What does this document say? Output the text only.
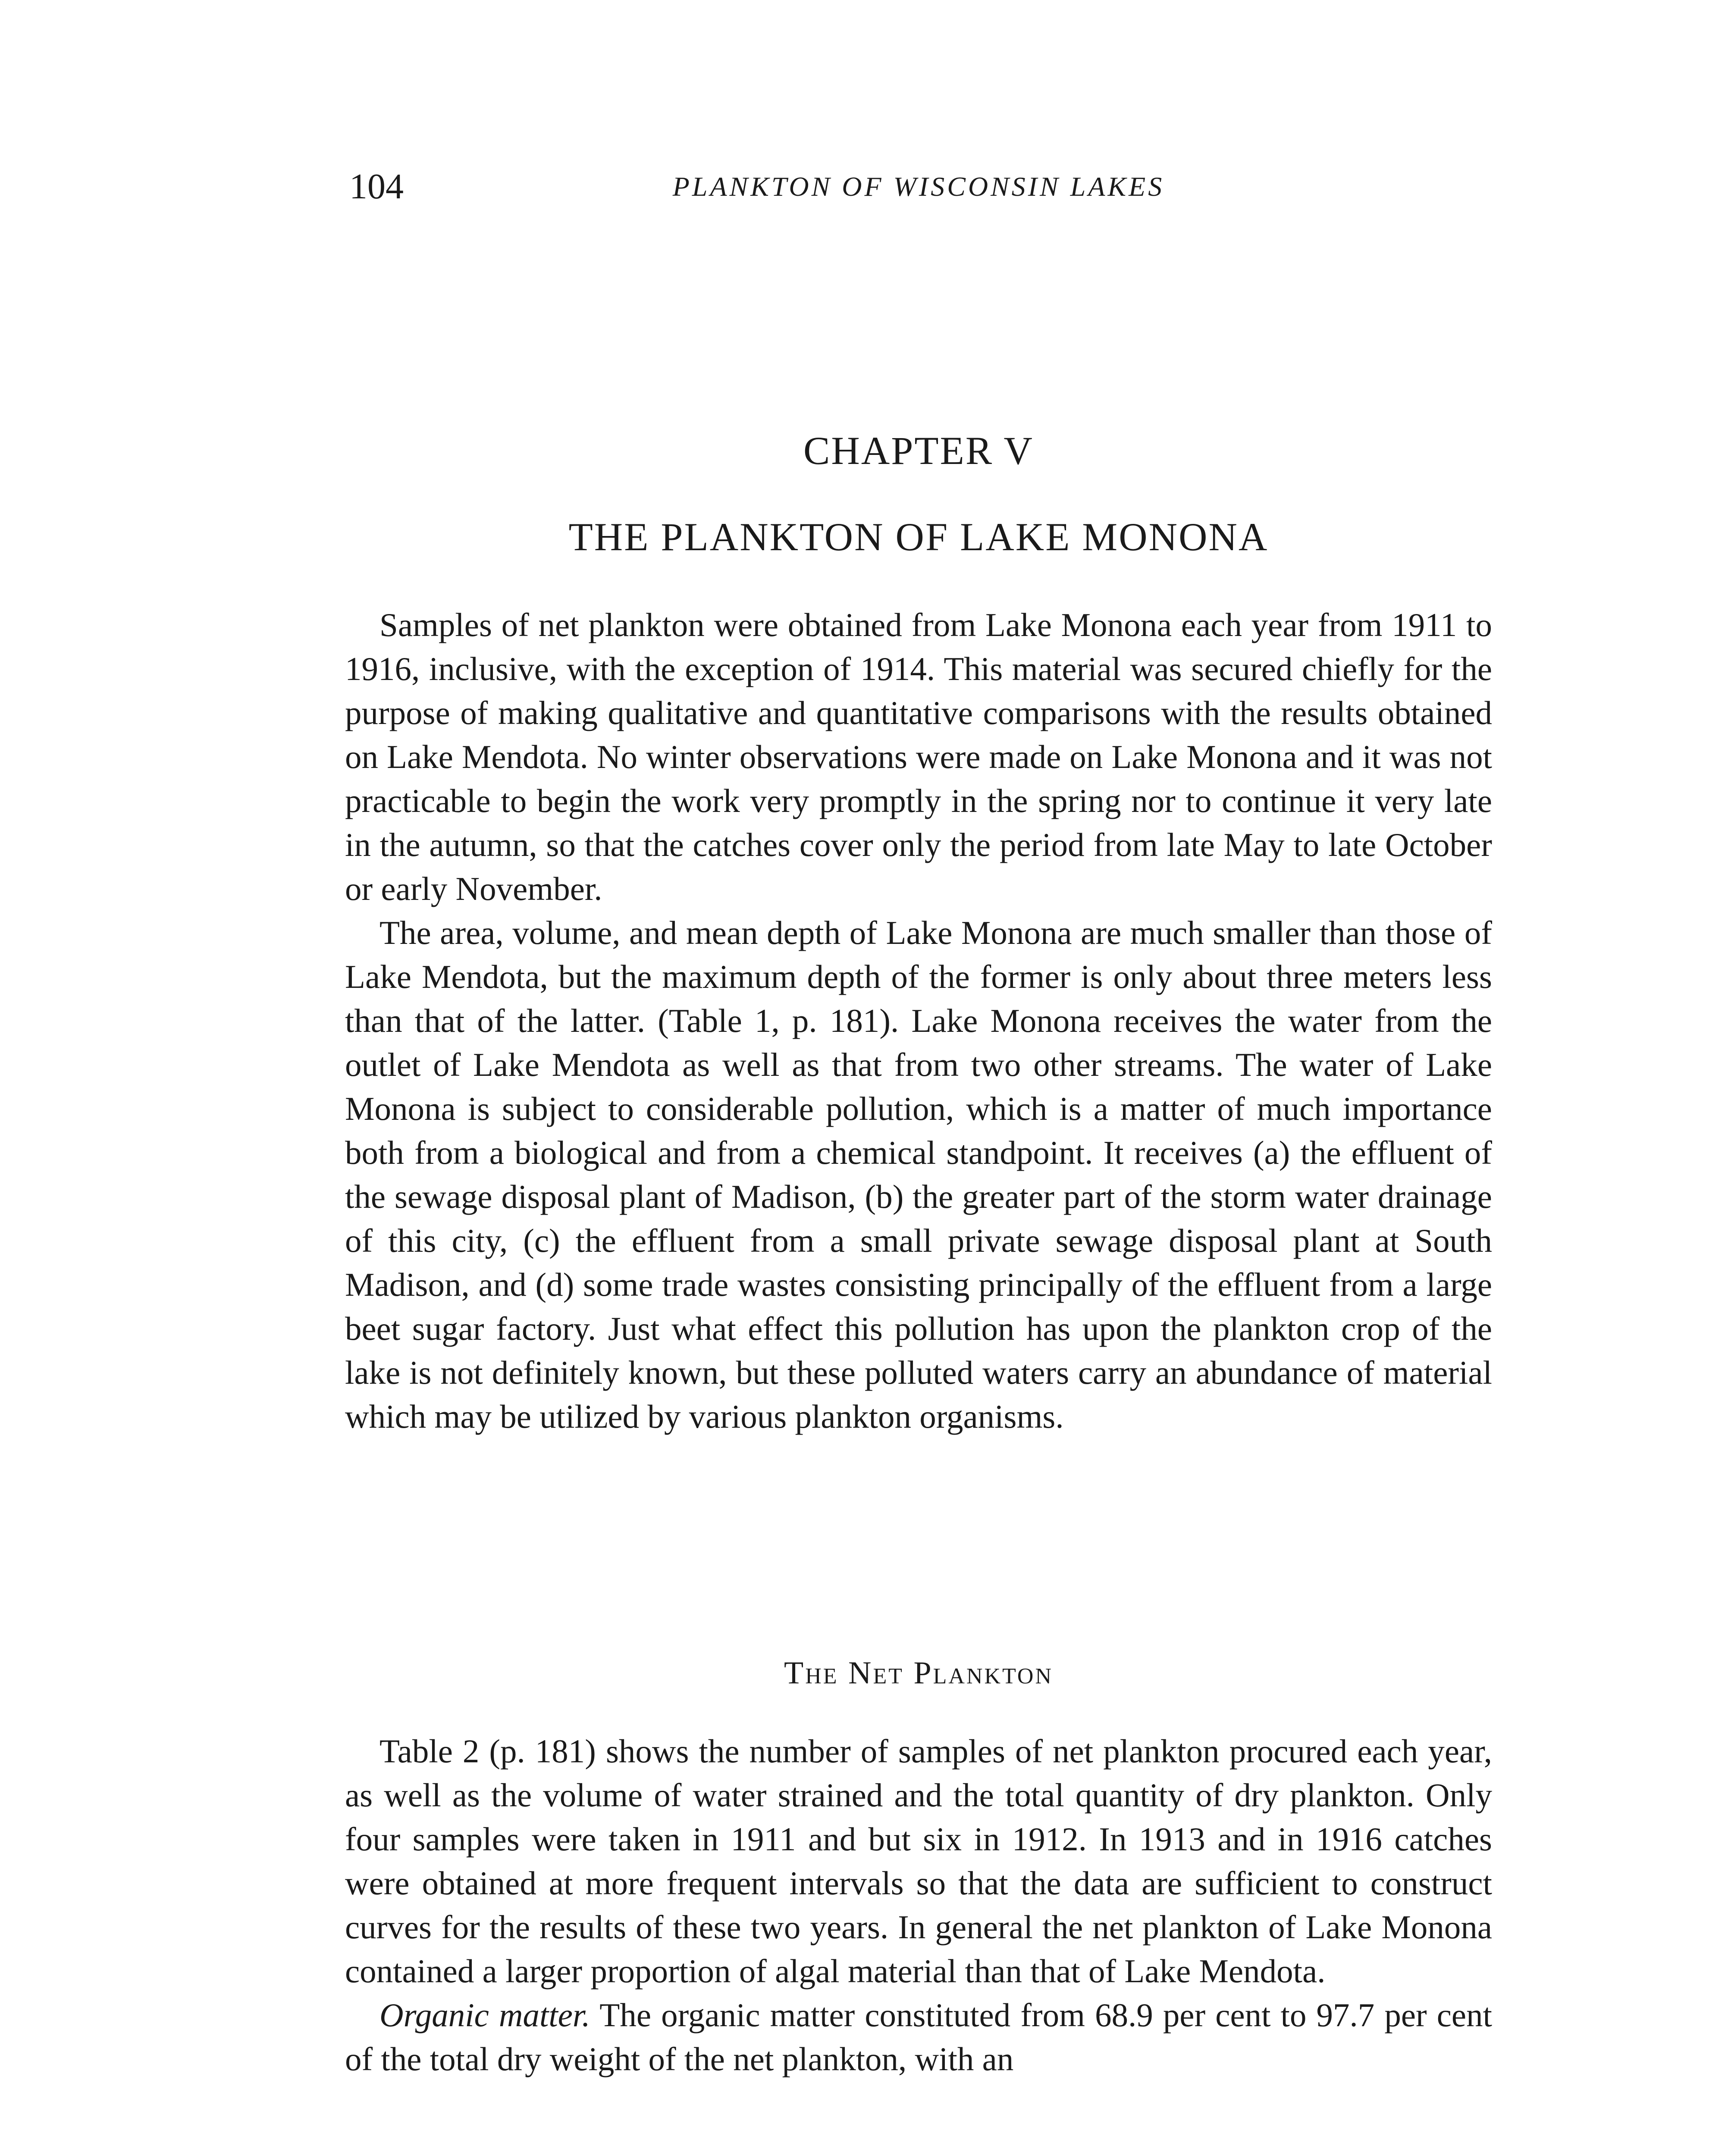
104	PLANKTON OF WISCONSIN LAKES
CHAPTER V
THE PLANKTON OF LAKE MONONA

Samples of net plankton were obtained from Lake Monona each year from 1911 to 1916, inclusive, with the exception of 1914. This material was secured chiefly for the purpose of making qualitative and quantitative comparisons with the results obtained on Lake Mendota. No winter observations were made on Lake Monona and it was not practicable to begin the work very promptly in the spring nor to continue it very late in the autumn, so that the catches cover only the period from late May to late October or early November.

The area, volume, and mean depth of Lake Monona are much smaller than those of Lake Mendota, but the maximum depth of the former is only about three meters less than that of the latter. (Table 1, p. 181). Lake Monona receives the water from the outlet of Lake Mendota as well as that from two other streams. The water of Lake Monona is subject to considerable pollution, which is a matter of much importance both from a biological and from a chemical standpoint. It receives (a) the effluent of the sewage disposal plant of Madison, (b) the greater part of the storm water drainage of this city, (c) the effluent from a small private sewage disposal plant at South Madison, and (d) some trade wastes consisting principally of the effluent from a large beet sugar factory. Just what effect this pollution has upon the plankton crop of the lake is not definitely known, but these polluted waters carry an abundance of material which may be utilized by various plankton organisms.

The Net Plankton

Table 2 (p. 181) shows the number of samples of net plankton procured each year, as well as the volume of water strained and the total quantity of dry plankton. Only four samples were taken in 1911 and but six in 1912. In 1913 and in 1916 catches were obtained at more frequent intervals so that the data are sufficient to construct curves for the results of these two years. In general the net plankton of Lake Monona contained a larger proportion of algal material than that of Lake Mendota.

Organic matter. The organic matter constituted from 68.9 per cent to 97.7 per cent of the total dry weight of the net plankton, with an
